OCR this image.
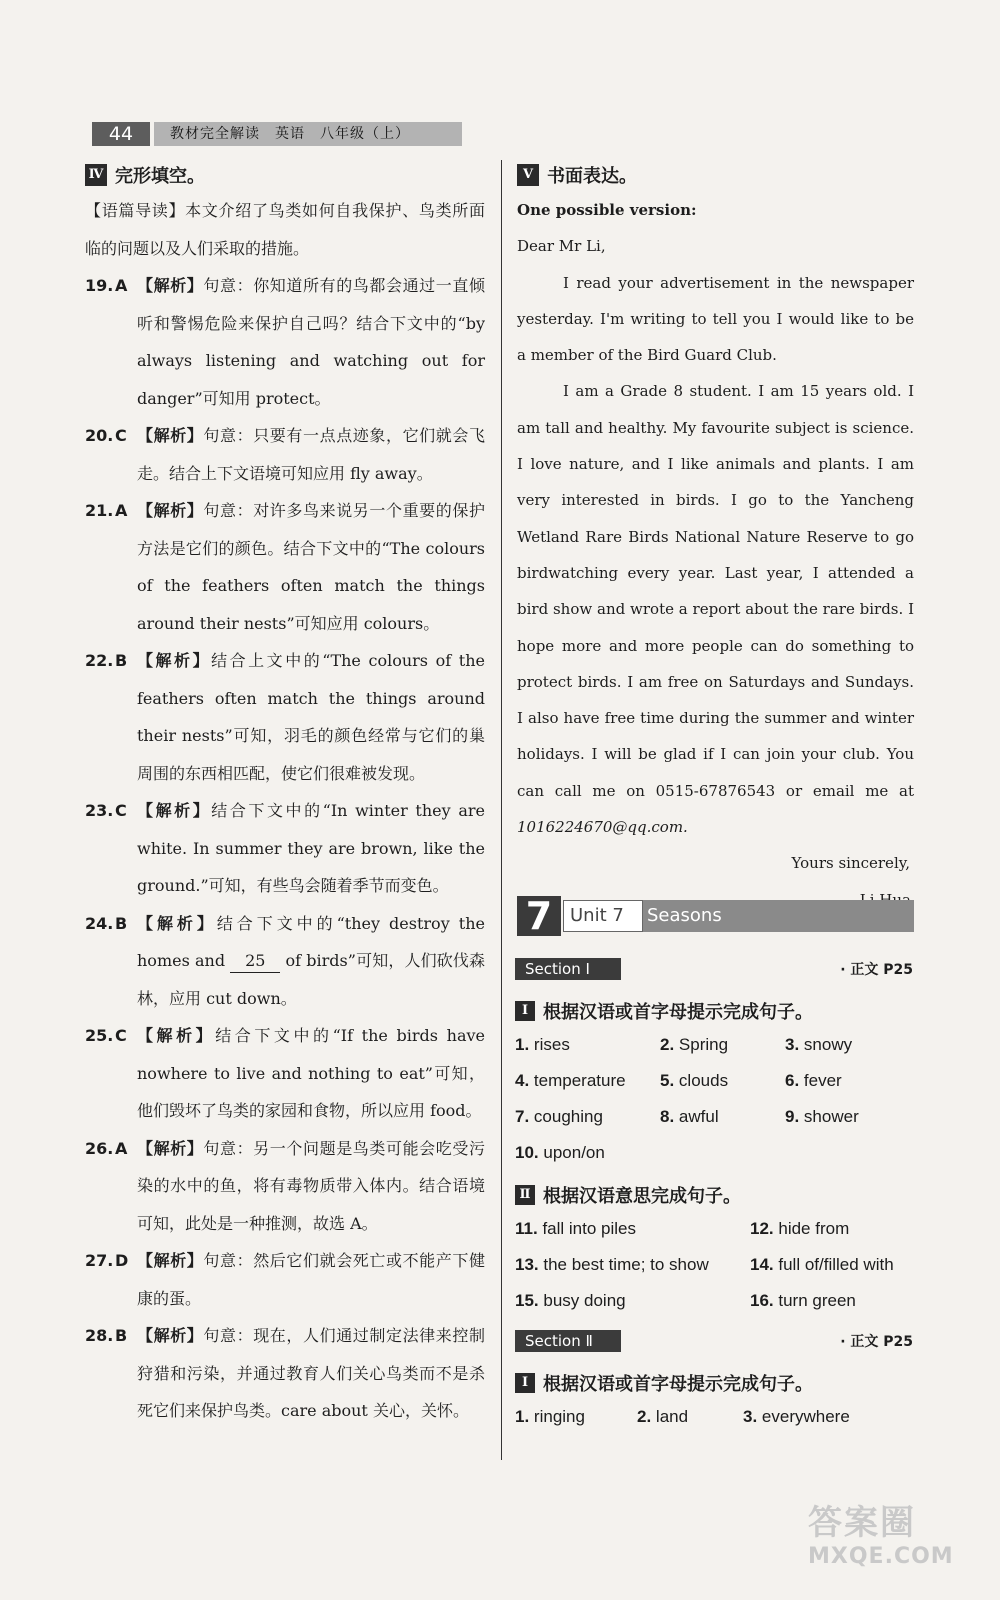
44	教材完全解读　英语　八年级（上）
Ⅳ 完形填空。

【语篇导读】本文介绍了鸟类如何自我保护、鸟类所面临的问题以及人们采取的措施。

19. A 【解析】句意：你知道所有的鸟都会通过一直倾听和警惕危险来保护自己吗？结合下文中的“by always listening and watching out for danger”可知用 protect。
20. C 【解析】句意：只要有一点点迹象，它们就会飞走。结合上下文语境可知应用 fly away。
21. A 【解析】句意：对许多鸟来说另一个重要的保护方法是它们的颜色。结合下文中的“The colours of the feathers often match the things around their nests”可知应用 colours。
22. B 【解析】结合上文中的“The colours of the feathers often match the things around their nests”可知，羽毛的颜色经常与它们的巢周围的东西相匹配，使它们很难被发现。
23. C 【解析】结合下文中的“In winter they are white. In summer they are brown, like the ground.”可知，有些鸟会随着季节而变色。
24. B 【解析】结合下文中的“they destroy the homes and 25 of birds”可知，人们砍伐森林，应用 cut down。
25. C 【解析】结合下文中的“If the birds have nowhere to live and nothing to eat”可知，他们毁坏了鸟类的家园和食物，所以应用 food。
26. A 【解析】句意：另一个问题是鸟类可能会吃受污染的水中的鱼，将有毒物质带入体内。结合语境可知，此处是一种推测，故选 A。
27. D 【解析】句意：然后它们就会死亡或不能产下健康的蛋。
28. B 【解析】句意：现在，人们通过制定法律来控制狩猎和污染，并通过教育人们关心鸟类而不是杀死它们来保护鸟类。care about 关心，关怀。
Ⅴ 书面表达。

One possible version:

Dear Mr Li,

I read your advertisement in the newspaper yesterday. I'm writing to tell you I would like to be a member of the Bird Guard Club.

I am a Grade 8 student. I am 15 years old. I am tall and healthy. My favourite subject is science. I love nature, and I like animals and plants. I am very interested in birds. I go to the Yancheng Wetland Rare Birds National Nature Reserve to go birdwatching every year. Last year, I attended a bird show and wrote a report about the rare birds. I hope more and more people can do something to protect birds. I am free on Saturdays and Sundays. I also have free time during the summer and winter holidays. I will be glad if I can join your club. You can call me on 0515-67876543 or email me at 1016224670@qq.com.

Yours sincerely,

7 Unit 7	Seasons
Section Ⅰ	· 正文 P25
Ⅰ 根据汉语或首字母提示完成句子。
1. rises	2. Spring	3. snowy
4. temperature 5. clouds	6. fever
7. coughing	8. awful	9. shower
10. upon/on
Ⅱ 根据汉语意思完成句子。
11. fall into piles	12. hide from
13. the best time; to show 14. full of/filled with
15. busy doing	16. turn green
Section Ⅱ	· 正文 P25
Ⅰ 根据汉语或首字母提示完成句子。
1. ringing	2. land	3. everywhere
答案圈
MXQE.COM
